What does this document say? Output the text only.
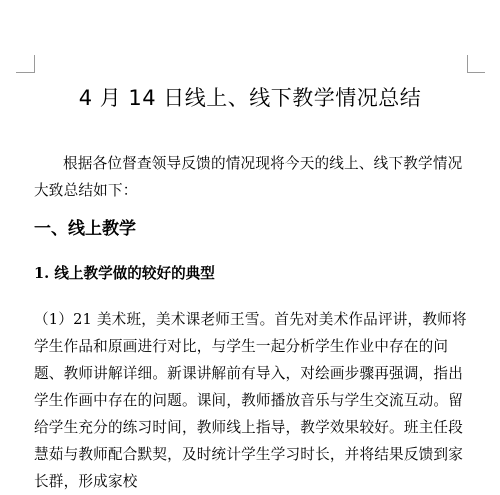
4 月 14 日线上、线下教学情况总结
根据各位督查领导反馈的情况现将今天的线上、线下教学情况大致总结如下：
一、线上教学
1. 线上教学做的较好的典型
（1）21 美术班，美术课老师王雪。首先对美术作品评讲，教师将学生作品和原画进行对比，与学生一起分析学生作业中存在的问题、教师讲解详细。新课讲解前有导入，对绘画步骤再强调，指出学生作画中存在的问题。课间，教师播放音乐与学生交流互动。留给学生充分的练习时间，教师线上指导，教学效果较好。班主任段慧茹与教师配合默契，及时统计学生学习时长，并将结果反馈到家长群，形成家校
